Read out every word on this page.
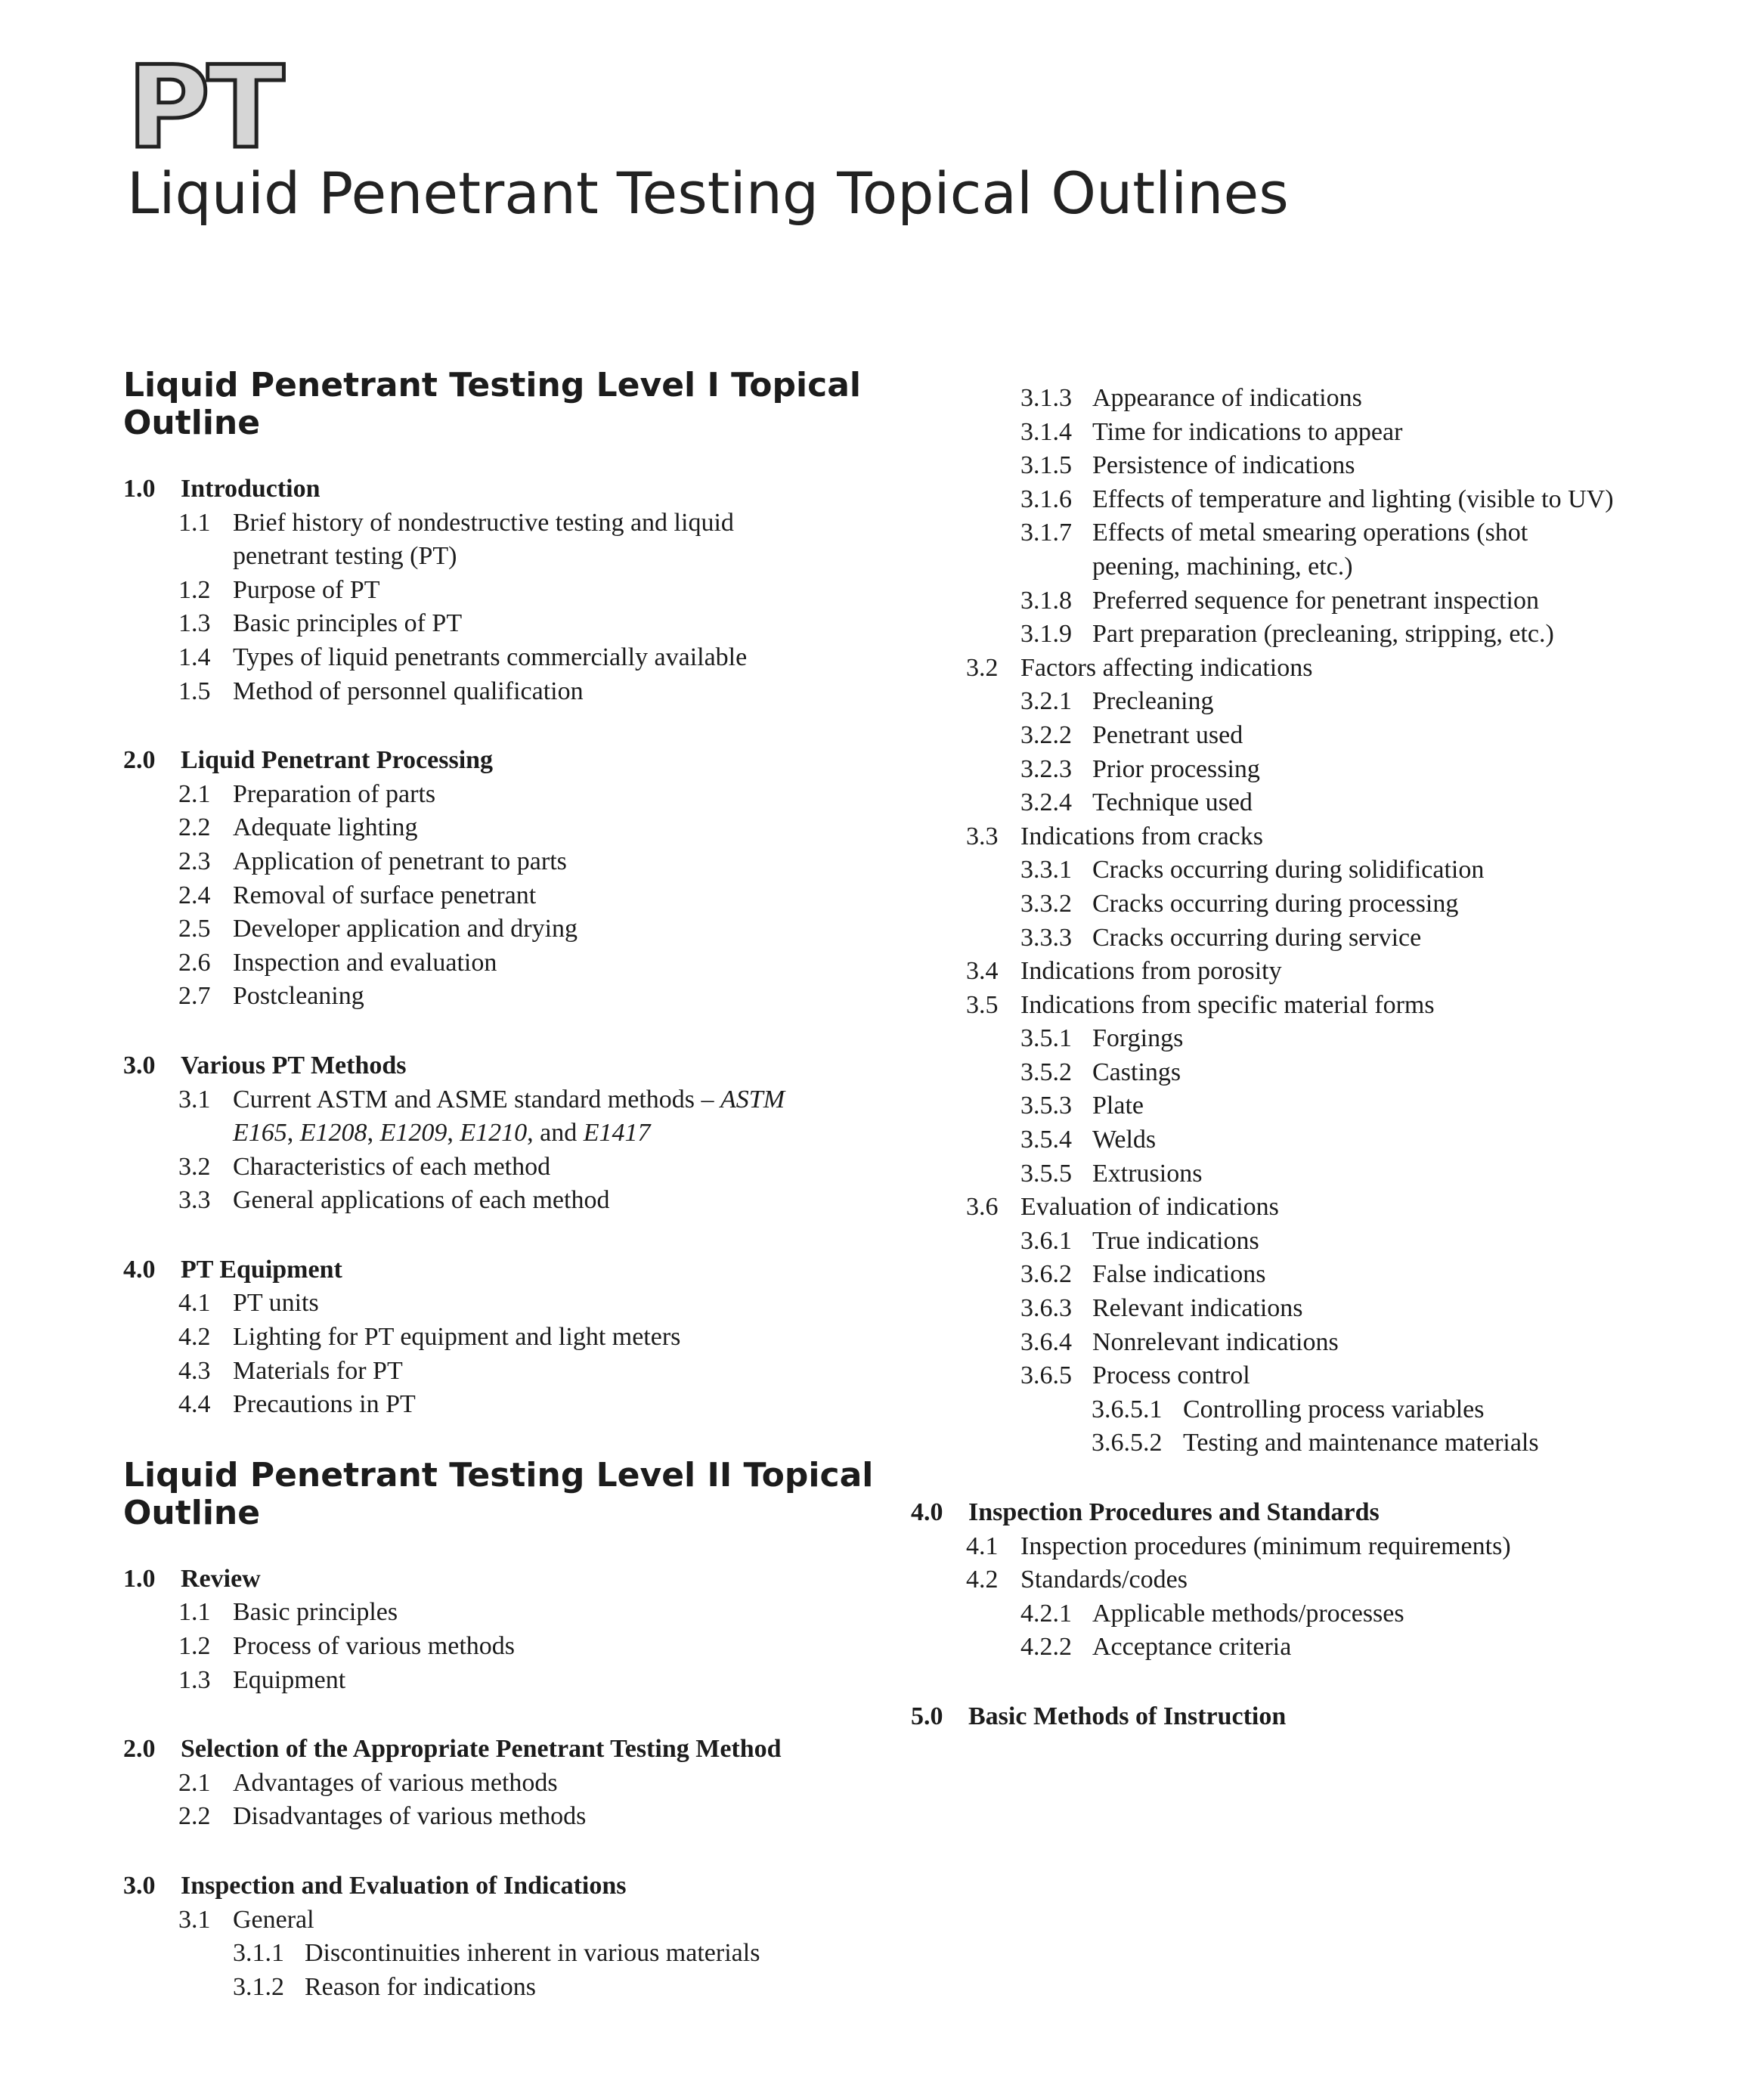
PT
Liquid Penetrant Testing Topical Outlines
Liquid Penetrant Testing Level I Topical
Outline
1.0 Introduction
1.1 Brief history of nondestructive testing and liquid
penetrant testing (PT)
1.2 Purpose of PT
1.3 Basic principles of PT
1.4 Types of liquid penetrants commercially available
1.5 Method of personnel qualification
2.0 Liquid Penetrant Processing
2.1 Preparation of parts
2.2 Adequate lighting
2.3 Application of penetrant to parts
2.4 Removal of surface penetrant
2.5 Developer application and drying
2.6 Inspection and evaluation
2.7 Postcleaning
3.0 Various PT Methods
3.1 Current ASTM and ASME standard methods – ASTM
E165, E1208, E1209, E1210, and E1417
3.2 Characteristics of each method
3.3 General applications of each method
4.0 PT Equipment
4.1 PT units
4.2 Lighting for PT equipment and light meters
4.3 Materials for PT
4.4 Precautions in PT
Liquid Penetrant Testing Level II Topical
Outline
1.0 Review
1.1 Basic principles
1.2 Process of various methods
1.3 Equipment
2.0 Selection of the Appropriate Penetrant Testing Method
2.1 Advantages of various methods
2.2 Disadvantages of various methods
3.0 Inspection and Evaluation of Indications
3.1 General
3.1.1 Discontinuities inherent in various materials
3.1.2 Reason for indications
3.1.3 Appearance of indications
3.1.4 Time for indications to appear
3.1.5 Persistence of indications
3.1.6 Effects of temperature and lighting (visible to UV)
3.1.7 Effects of metal smearing operations (shot
peening, machining, etc.)
3.1.8 Preferred sequence for penetrant inspection
3.1.9 Part preparation (precleaning, stripping, etc.)
3.2 Factors affecting indications
3.2.1 Precleaning
3.2.2 Penetrant used
3.2.3 Prior processing
3.2.4 Technique used
3.3 Indications from cracks
3.3.1 Cracks occurring during solidification
3.3.2 Cracks occurring during processing
3.3.3 Cracks occurring during service
3.4 Indications from porosity
3.5 Indications from specific material forms
3.5.1 Forgings
3.5.2 Castings
3.5.3 Plate
3.5.4 Welds
3.5.5 Extrusions
3.6 Evaluation of indications
3.6.1 True indications
3.6.2 False indications
3.6.3 Relevant indications
3.6.4 Nonrelevant indications
3.6.5 Process control
3.6.5.1 Controlling process variables
3.6.5.2 Testing and maintenance materials
4.0 Inspection Procedures and Standards
4.1 Inspection procedures (minimum requirements)
4.2 Standards/codes
4.2.1 Applicable methods/processes
4.2.2 Acceptance criteria
5.0 Basic Methods of Instruction
